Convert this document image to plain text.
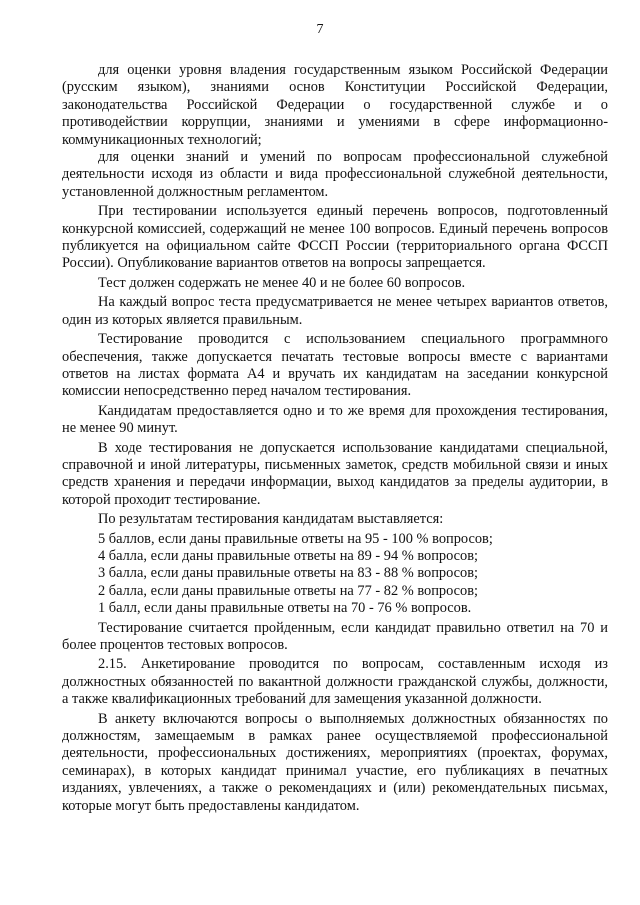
7

для оценки уровня владения государственным языком Российской Федерации (русским языком), знаниями основ Конституции Российской Федерации, законодательства Российской Федерации о государственной службе и о противодействии коррупции, знаниями и умениями в сфере информационно-коммуникационных технологий;

для оценки знаний и умений по вопросам профессиональной служебной деятельности исходя из области и вида профессиональной служебной деятельности, установленной должностным регламентом.

При тестировании используется единый перечень вопросов, подготовленный конкурсной комиссией, содержащий не менее 100 вопросов. Единый перечень вопросов публикуется на официальном сайте ФССП России (территориального органа ФССП России). Опубликование вариантов ответов на вопросы запрещается.

Тест должен содержать не менее 40 и не более 60 вопросов.

На каждый вопрос теста предусматривается не менее четырех вариантов ответов, один из которых является правильным.

Тестирование проводится с использованием специального программного обеспечения, также допускается печатать тестовые вопросы вместе с вариантами ответов на листах формата А4 и вручать их кандидатам на заседании конкурсной комиссии непосредственно перед началом тестирования.

Кандидатам предоставляется одно и то же время для прохождения тестирования, не менее 90 минут.

В ходе тестирования не допускается использование кандидатами специальной, справочной и иной литературы, письменных заметок, средств мобильной связи и иных средств хранения и передачи информации, выход кандидатов за пределы аудитории, в которой проходит тестирование.

По результатам тестирования кандидатам выставляется:

5 баллов, если даны правильные ответы на 95 - 100 % вопросов;

4 балла, если даны правильные ответы на 89 - 94 % вопросов;

3 балла, если даны правильные ответы на 83 - 88 % вопросов;

2 балла, если даны правильные ответы на 77 - 82 % вопросов;

1 балл, если даны правильные ответы на 70 - 76 % вопросов.

Тестирование считается пройденным, если кандидат правильно ответил на 70 и более процентов тестовых вопросов.

2.15. Анкетирование проводится по вопросам, составленным исходя из должностных обязанностей по вакантной должности гражданской службы, должности, а также квалификационных требований для замещения указанной должности.

В анкету включаются вопросы о выполняемых должностных обязанностях по должностям, замещаемым в рамках ранее осуществляемой профессиональной деятельности, профессиональных достижениях, мероприятиях (проектах, форумах, семинарах), в которых кандидат принимал участие, его публикациях в печатных изданиях, увлечениях, а также о рекомендациях и (или) рекомендательных письмах, которые могут быть предоставлены кандидатом.
